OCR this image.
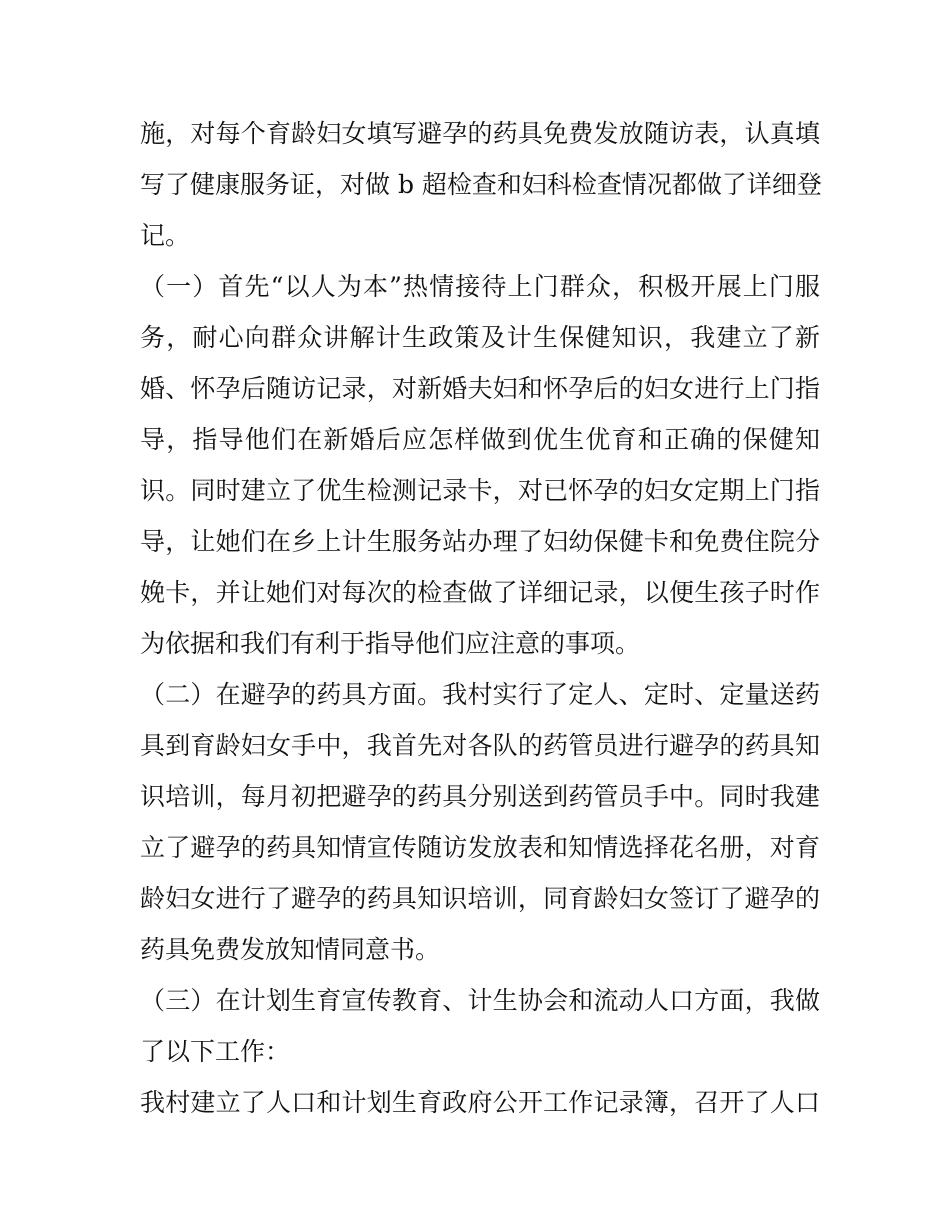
施，对每个育龄妇女填写避孕的药具免费发放随访表，认真填
写了健康服务证，对做 b 超检查和妇科检查情况都做了详细登
记。
（一）首先“以人为本”热情接待上门群众，积极开展上门服
务，耐心向群众讲解计生政策及计生保健知识，我建立了新
婚、怀孕后随访记录，对新婚夫妇和怀孕后的妇女进行上门指
导，指导他们在新婚后应怎样做到优生优育和正确的保健知
识。同时建立了优生检测记录卡，对已怀孕的妇女定期上门指
导，让她们在乡上计生服务站办理了妇幼保健卡和免费住院分
娩卡，并让她们对每次的检查做了详细记录，以便生孩子时作
为依据和我们有利于指导他们应注意的事项。
（二）在避孕的药具方面。我村实行了定人、定时、定量送药
具到育龄妇女手中，我首先对各队的药管员进行避孕的药具知
识培训，每月初把避孕的药具分别送到药管员手中。同时我建
立了避孕的药具知情宣传随访发放表和知情选择花名册，对育
龄妇女进行了避孕的药具知识培训，同育龄妇女签订了避孕的
药具免费发放知情同意书。
（三）在计划生育宣传教育、计生协会和流动人口方面，我做
了以下工作：
我村建立了人口和计划生育政府公开工作记录簿，召开了人口
